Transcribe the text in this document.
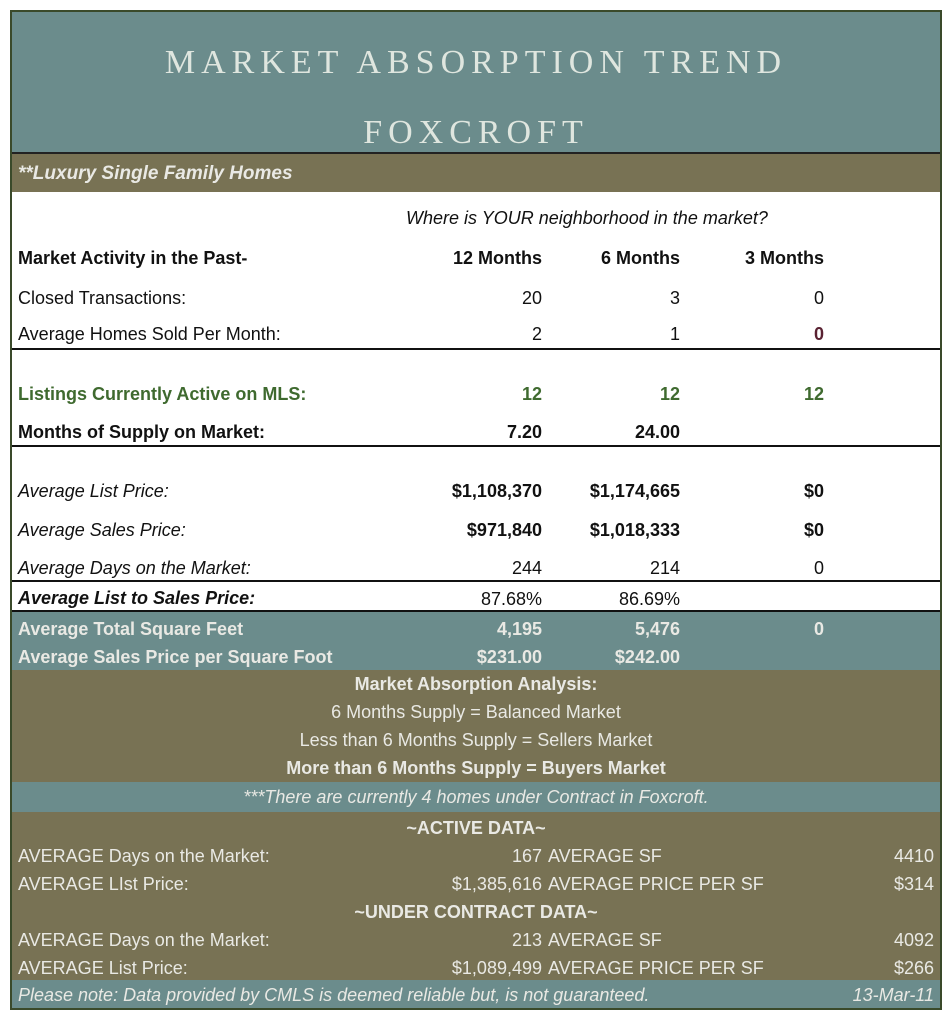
MARKET ABSORPTION TREND
FOXCROFT
**Luxury Single Family Homes
Where is YOUR neighborhood in the market?
Market Activity in the Past-	12 Months	6 Months	3 Months
Closed Transactions:	20	3	0
Average Homes Sold Per Month:	2	1	0
Listings Currently Active on MLS:	12	12	12
Months of Supply on Market:	7.20	24.00
Average List Price:	$1,108,370	$1,174,665	$0
Average Sales Price:	$971,840	$1,018,333	$0
Average Days on the Market:	244	214	0
Average List to Sales Price:	87.68%	86.69%
Average Total Square Feet	4,195	5,476	0
Average Sales Price per Square Foot	$231.00	$242.00
Market Absorption Analysis:
6 Months Supply = Balanced Market
Less than 6 Months Supply = Sellers Market
More than 6 Months Supply = Buyers Market
***There are currently 4 homes under Contract in Foxcroft.
~ACTIVE DATA~
AVERAGE Days on the Market:	167 AVERAGE SF	4410
AVERAGE LIst Price:	$1,385,616 AVERAGE PRICE PER SF	$314
~UNDER CONTRACT DATA~
AVERAGE Days on the Market:	213 AVERAGE SF	4092
AVERAGE List Price:	$1,089,499 AVERAGE PRICE PER SF	$266
Please note: Data provided by CMLS is deemed reliable but, is not guaranteed.	13-Mar-11
